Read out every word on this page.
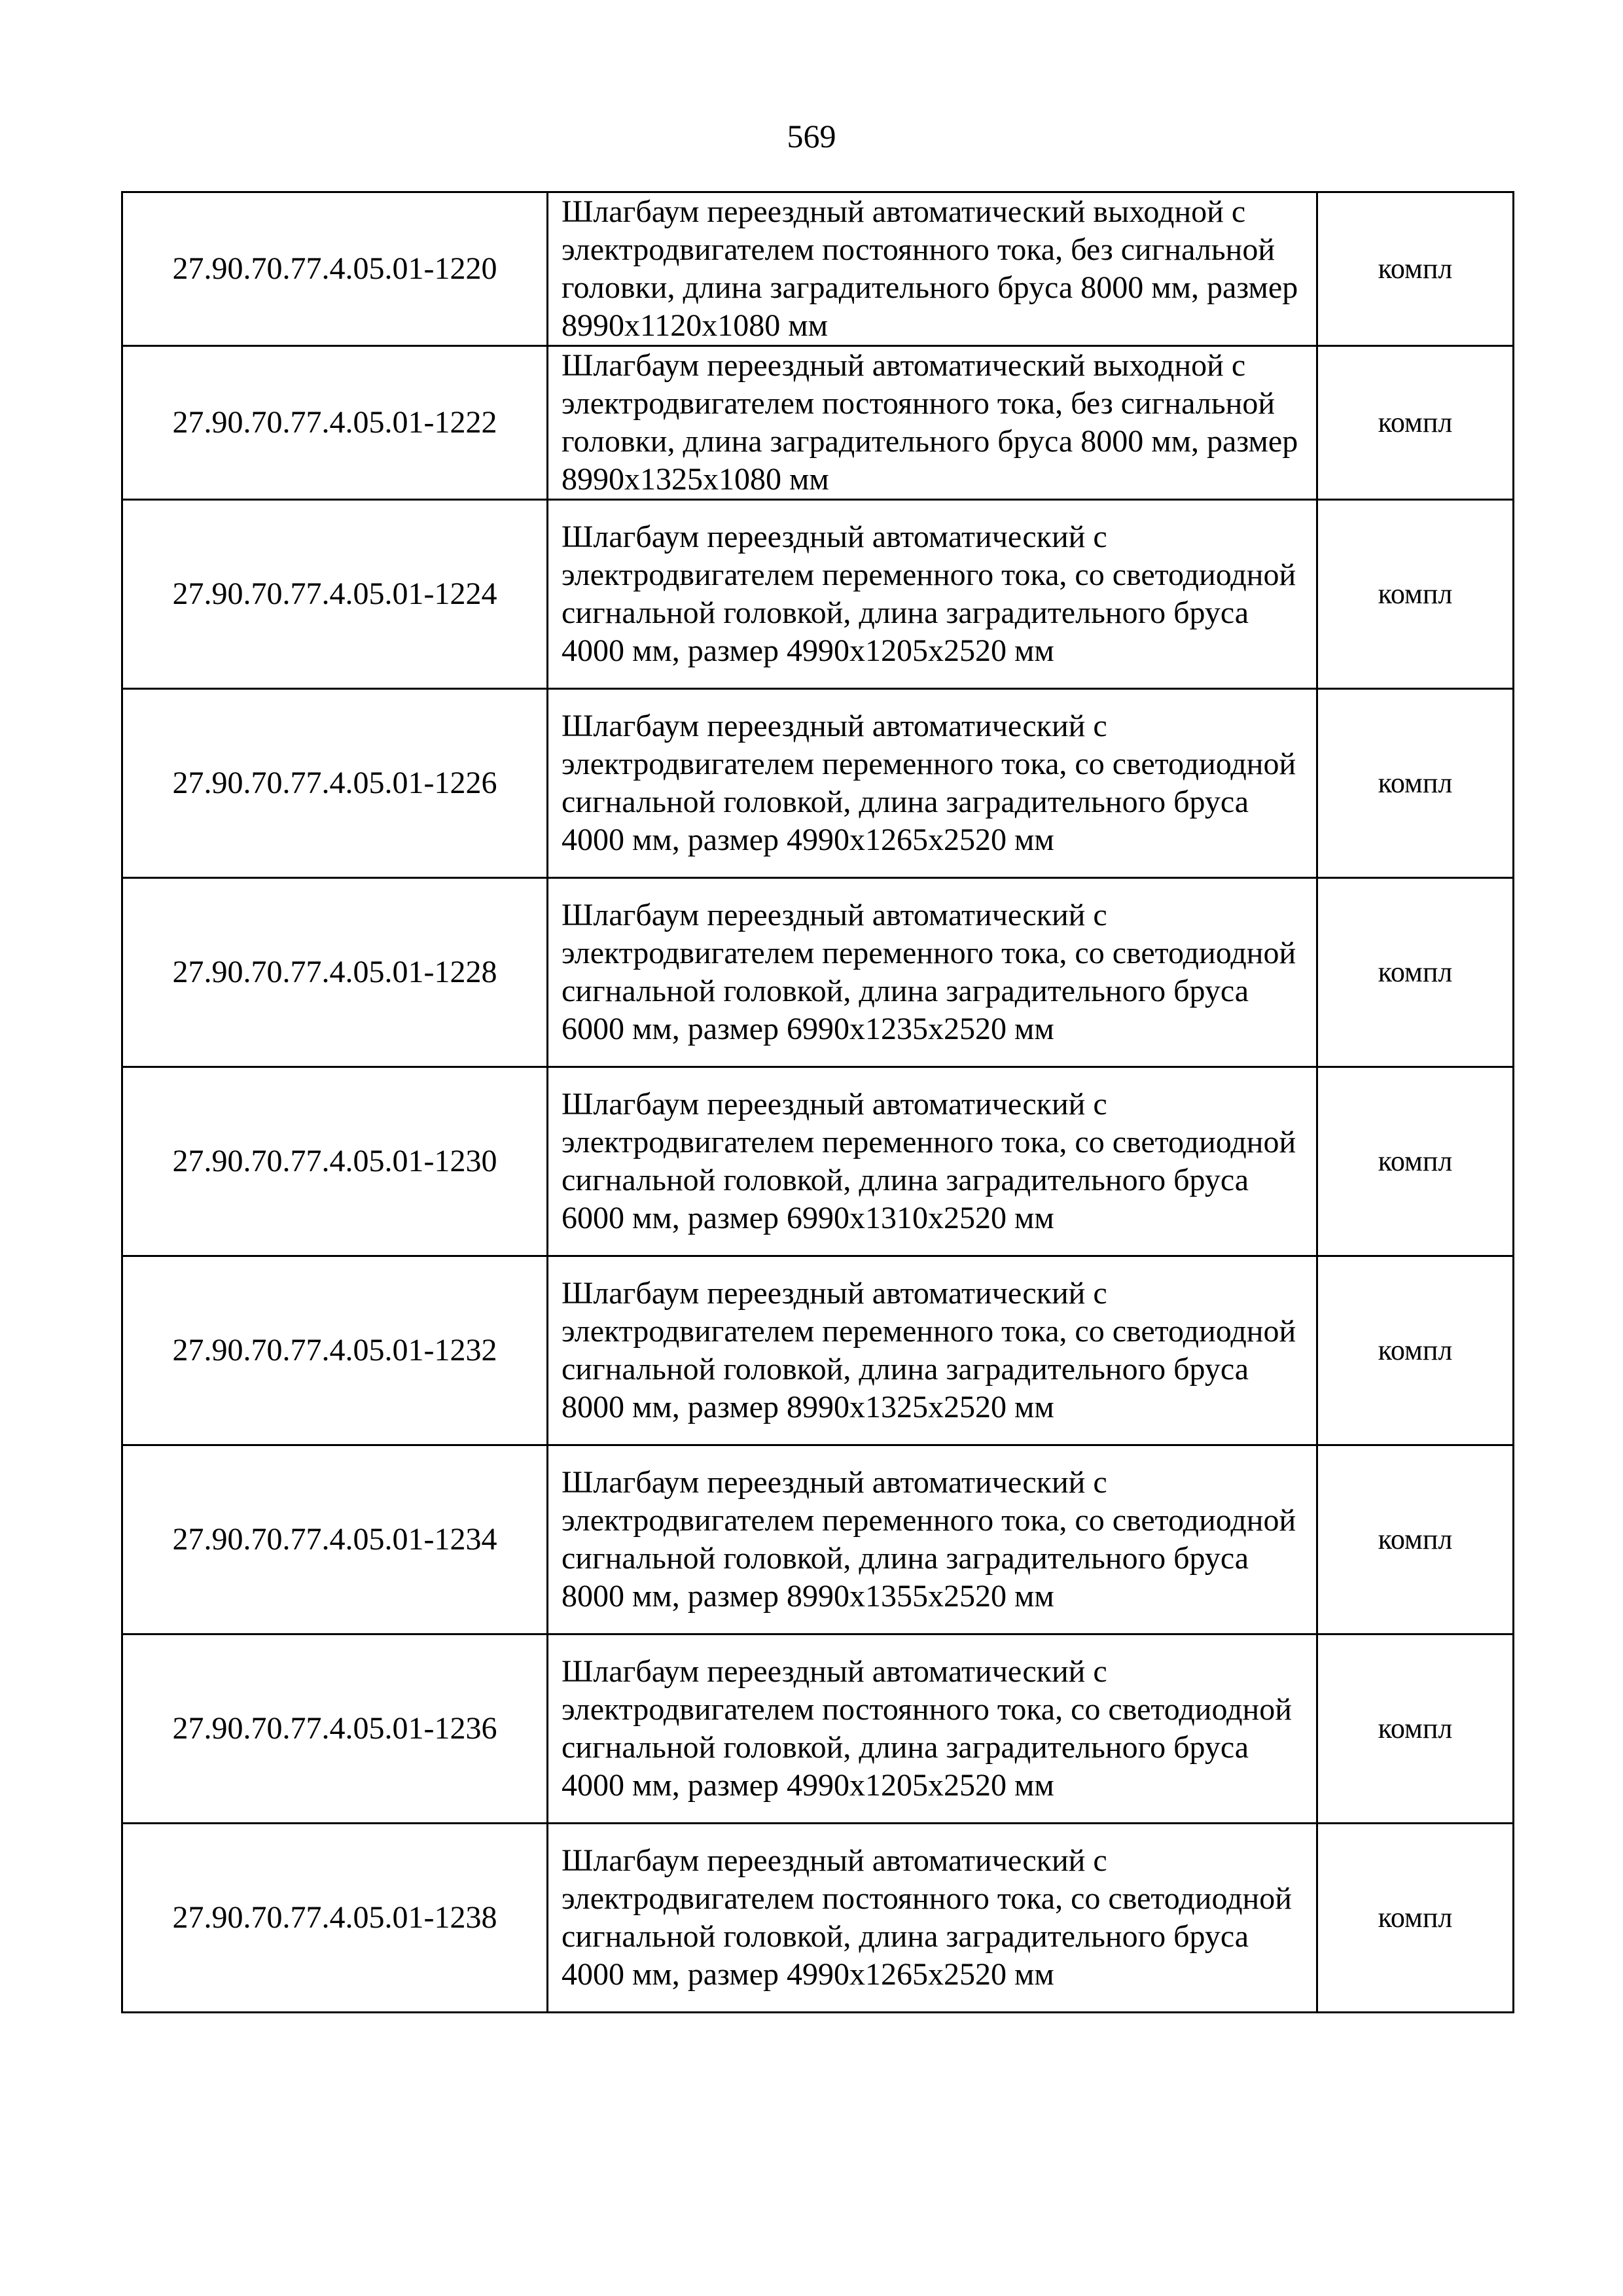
569
27.90.70.77.4.05.01-1220	Шлагбаум переездный автоматический выходной с электродвигателем постоянного тока, без сигнальной головки, длина заградительного бруса 8000 мм, размер 8990x1120x1080 мм	компл
27.90.70.77.4.05.01-1222	Шлагбаум переездный автоматический выходной с электродвигателем постоянного тока, без сигнальной головки, длина заградительного бруса 8000 мм, размер 8990x1325x1080 мм	компл
27.90.70.77.4.05.01-1224	Шлагбаум переездный автоматический с электродвигателем переменного тока, со светодиодной сигнальной головкой, длина заградительного бруса 4000 мм, размер 4990x1205x2520 мм	компл
27.90.70.77.4.05.01-1226	Шлагбаум переездный автоматический с электродвигателем переменного тока, со светодиодной сигнальной головкой, длина заградительного бруса 4000 мм, размер 4990x1265x2520 мм	компл
27.90.70.77.4.05.01-1228	Шлагбаум переездный автоматический с электродвигателем переменного тока, со светодиодной сигнальной головкой, длина заградительного бруса 6000 мм, размер 6990x1235x2520 мм	компл
27.90.70.77.4.05.01-1230	Шлагбаум переездный автоматический с электродвигателем переменного тока, со светодиодной сигнальной головкой, длина заградительного бруса 6000 мм, размер 6990x1310x2520 мм	компл
27.90.70.77.4.05.01-1232	Шлагбаум переездный автоматический с электродвигателем переменного тока, со светодиодной сигнальной головкой, длина заградительного бруса 8000 мм, размер 8990x1325x2520 мм	компл
27.90.70.77.4.05.01-1234	Шлагбаум переездный автоматический с электродвигателем переменного тока, со светодиодной сигнальной головкой, длина заградительного бруса 8000 мм, размер 8990x1355x2520 мм	компл
27.90.70.77.4.05.01-1236	Шлагбаум переездный автоматический с электродвигателем постоянного тока, со светодиодной сигнальной головкой, длина заградительного бруса 4000 мм, размер 4990x1205x2520 мм	компл
27.90.70.77.4.05.01-1238	Шлагбаум переездный автоматический с электродвигателем постоянного тока, со светодиодной сигнальной головкой, длина заградительного бруса 4000 мм, размер 4990x1265x2520 мм	компл
